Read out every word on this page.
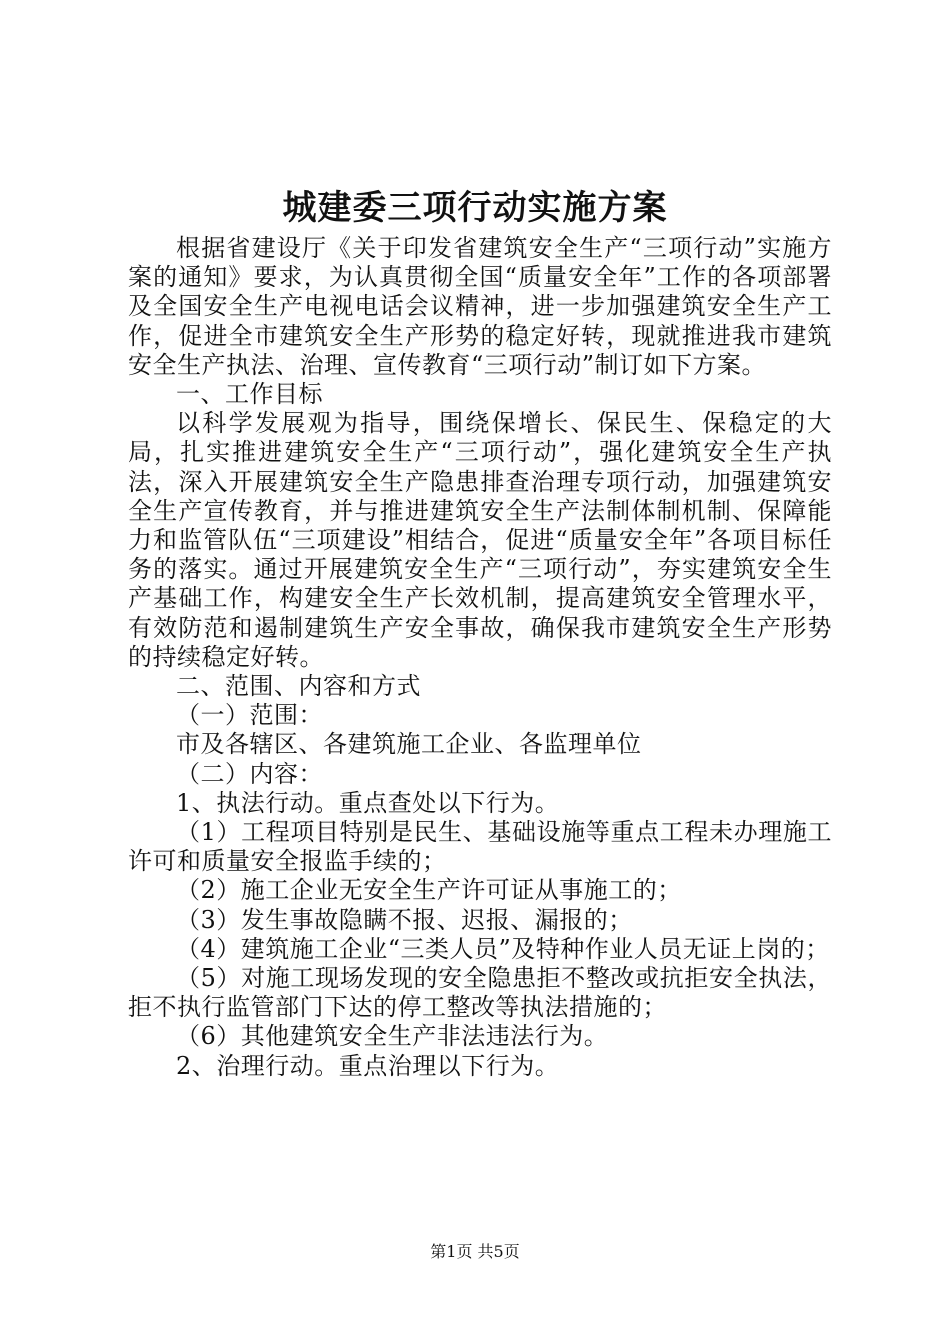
城建委三项行动实施方案

根据省建设厅《关于印发省建筑安全生产“三项行动”实施方案的通知》要求，为认真贯彻全国“质量安全年”工作的各项部署及全国安全生产电视电话会议精神，进一步加强建筑安全生产工作，促进全市建筑安全生产形势的稳定好转，现就推进我市建筑安全生产执法、治理、宣传教育“三项行动”制订如下方案。

一、工作目标

以科学发展观为指导，围绕保增长、保民生、保稳定的大局，扎实推进建筑安全生产“三项行动”，强化建筑安全生产执法，深入开展建筑安全生产隐患排查治理专项行动，加强建筑安全生产宣传教育，并与推进建筑安全生产法制体制机制、保障能力和监管队伍“三项建设”相结合，促进“质量安全年”各项目标任务的落实。通过开展建筑安全生产“三项行动”，夯实建筑安全生产基础工作，构建安全生产长效机制，提高建筑安全管理水平，有效防范和遏制建筑生产安全事故，确保我市建筑安全生产形势的持续稳定好转。

二、范围、内容和方式

（一）范围：

市及各辖区、各建筑施工企业、各监理单位

（二）内容：

1、执法行动。重点查处以下行为。

（1）工程项目特别是民生、基础设施等重点工程未办理施工许可和质量安全报监手续的；

（2）施工企业无安全生产许可证从事施工的；

（3）发生事故隐瞒不报、迟报、漏报的；

（4）建筑施工企业“三类人员”及特种作业人员无证上岗的；

（5）对施工现场发现的安全隐患拒不整改或抗拒安全执法，拒不执行监管部门下达的停工整改等执法措施的；

（6）其他建筑安全生产非法违法行为。

2、治理行动。重点治理以下行为。

第1页 共5页
